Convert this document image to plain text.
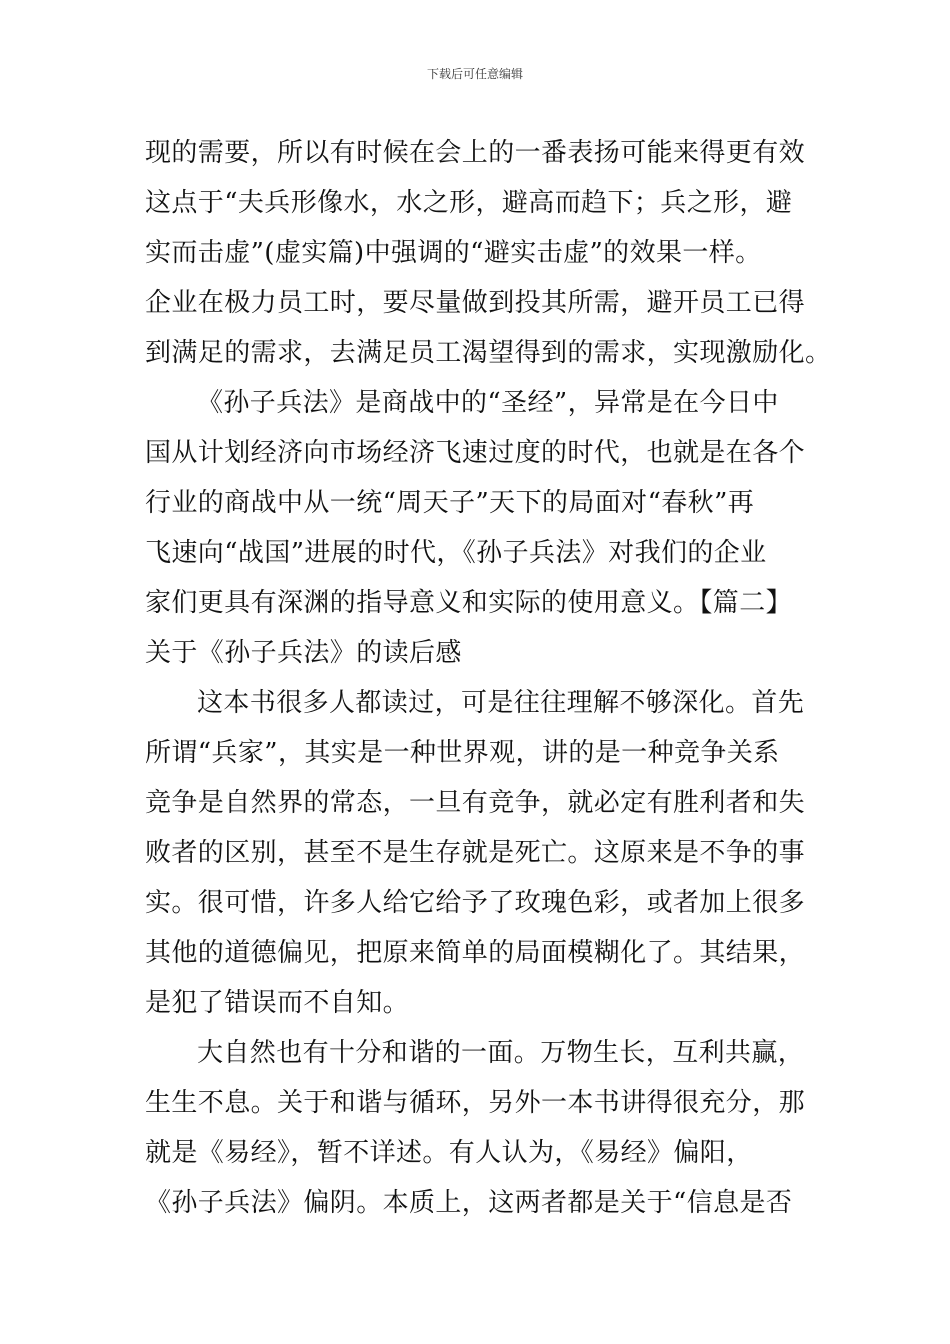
下载后可任意编辑
现的需要，所以有时候在会上的一番表扬可能来得更有效
这点于“夫兵形像水，水之形，避高而趋下；兵之形，避
实而击虚”(虚实篇)中强调的“避实击虚”的效果一样。
企业在极力员工时，要尽量做到投其所需，避开员工已得
到满足的需求，去满足员工渴望得到的需求，实现激励化。
《孙子兵法》是商战中的“圣经”，异常是在今日中
国从计划经济向市场经济飞速过度的时代，也就是在各个
行业的商战中从一统“周天子”天下的局面对“春秋”再
飞速向“战国”进展的时代，《孙子兵法》对我们的企业
家们更具有深渊的指导意义和实际的使用意义。【篇二】
关于《孙子兵法》的读后感
这本书很多人都读过，可是往往理解不够深化。首先
所谓“兵家”，其实是一种世界观，讲的是一种竞争关系
竞争是自然界的常态，一旦有竞争，就必定有胜利者和失
败者的区别，甚至不是生存就是死亡。这原来是不争的事
实。很可惜，许多人给它给予了玫瑰色彩，或者加上很多
其他的道德偏见，把原来简单的局面模糊化了。其结果，
是犯了错误而不自知。
大自然也有十分和谐的一面。万物生长，互利共赢，
生生不息。关于和谐与循环，另外一本书讲得很充分，那
就是《易经》，暂不详述。有人认为，《易经》偏阳，
《孙子兵法》偏阴。本质上，这两者都是关于“信息是否
